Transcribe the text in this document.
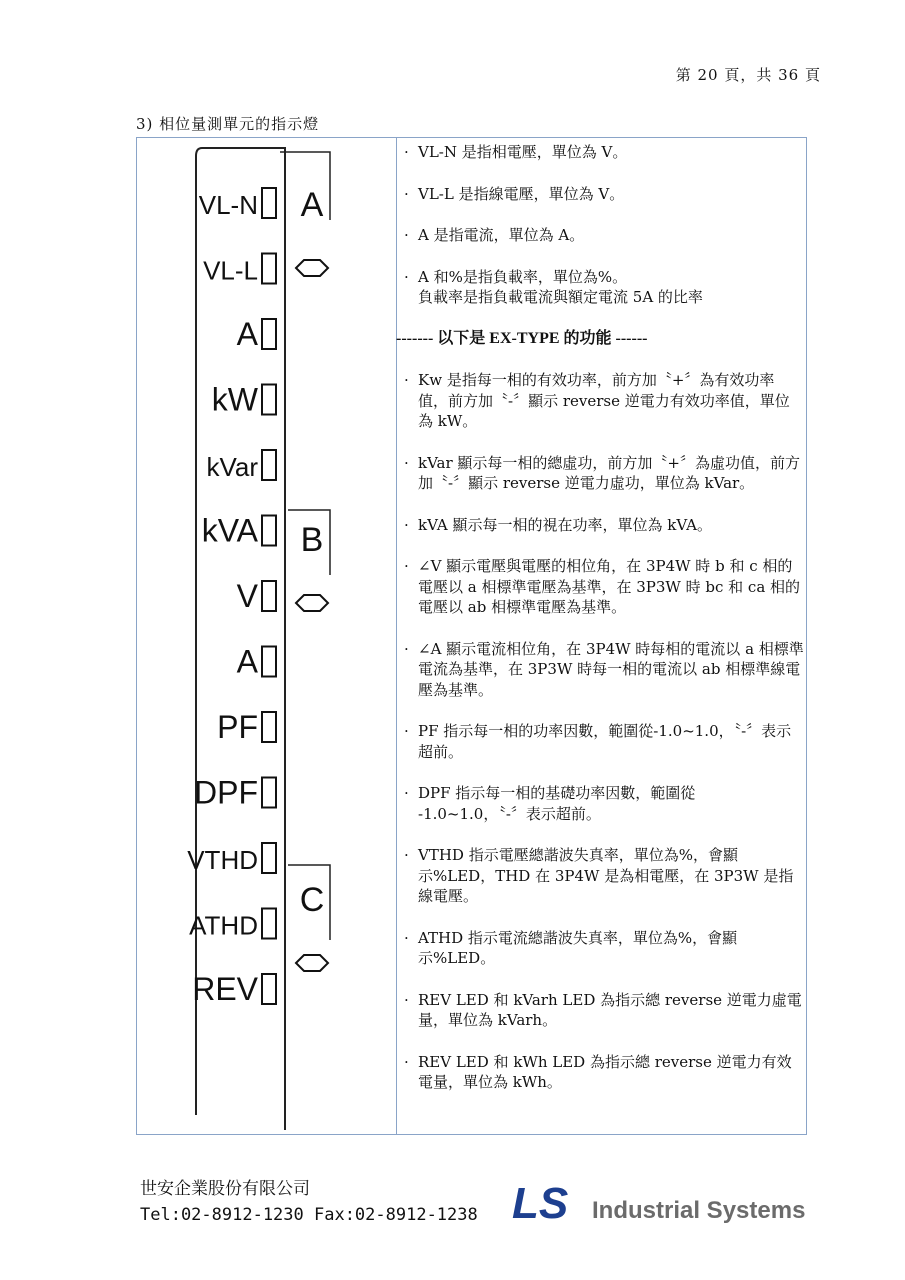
第 20 頁，共 36 頁
3) 相位量測單元的指示燈
VL-N
VL-L
A
kW
kVar
kVA
V
A
PF
DPF
VTHD
ATHD
REV
A
B
C
· VL-N 是指相電壓，單位為 V。
· VL-L 是指線電壓，單位為 V。
· A 是指電流，單位為 A。
· A 和%是指負載率，單位為%。
負載率是指負載電流與額定電流 5A 的比率
------- 以下是 EX-TYPE 的功能 ------
· Kw 是指每一相的有效功率，前方加〝+〞為有效功率值，前方加〝-〞顯示 reverse 逆電力有效功率值，單位為 kW。
· kVar 顯示每一相的總虛功，前方加〝+〞為虛功值，前方加〝-〞顯示 reverse 逆電力虛功，單位為 kVar。
· kVA 顯示每一相的視在功率，單位為 kVA。
· ∠V 顯示電壓與電壓的相位角，在 3P4W 時 b 和 c 相的電壓以 a 相標準電壓為基準，在 3P3W 時 bc 和 ca 相的電壓以 ab 相標準電壓為基準。
· ∠A 顯示電流相位角，在 3P4W 時每相的電流以 a 相標準電流為基準，在 3P3W 時每一相的電流以 ab 相標準線電壓為基準。
· PF 指示每一相的功率因數，範圍從-1.0~1.0，〝-〞表示超前。
· DPF 指示每一相的基礎功率因數，範圍從
-1.0~1.0，〝-〞表示超前。
· VTHD 指示電壓總諧波失真率，單位為%，會顯示%LED，THD 在 3P4W 是為相電壓，在 3P3W 是指線電壓。
· ATHD 指示電流總諧波失真率，單位為%，會顯示%LED。
· REV LED 和 kVarh LED 為指示總 reverse 逆電力虛電量，單位為 kVarh。
· REV LED 和 kWh LED 為指示總 reverse 逆電力有效電量，單位為 kWh。
世安企業股份有限公司
Tel:02-8912-1230 Fax:02-8912-1238 LS Industrial Systems
